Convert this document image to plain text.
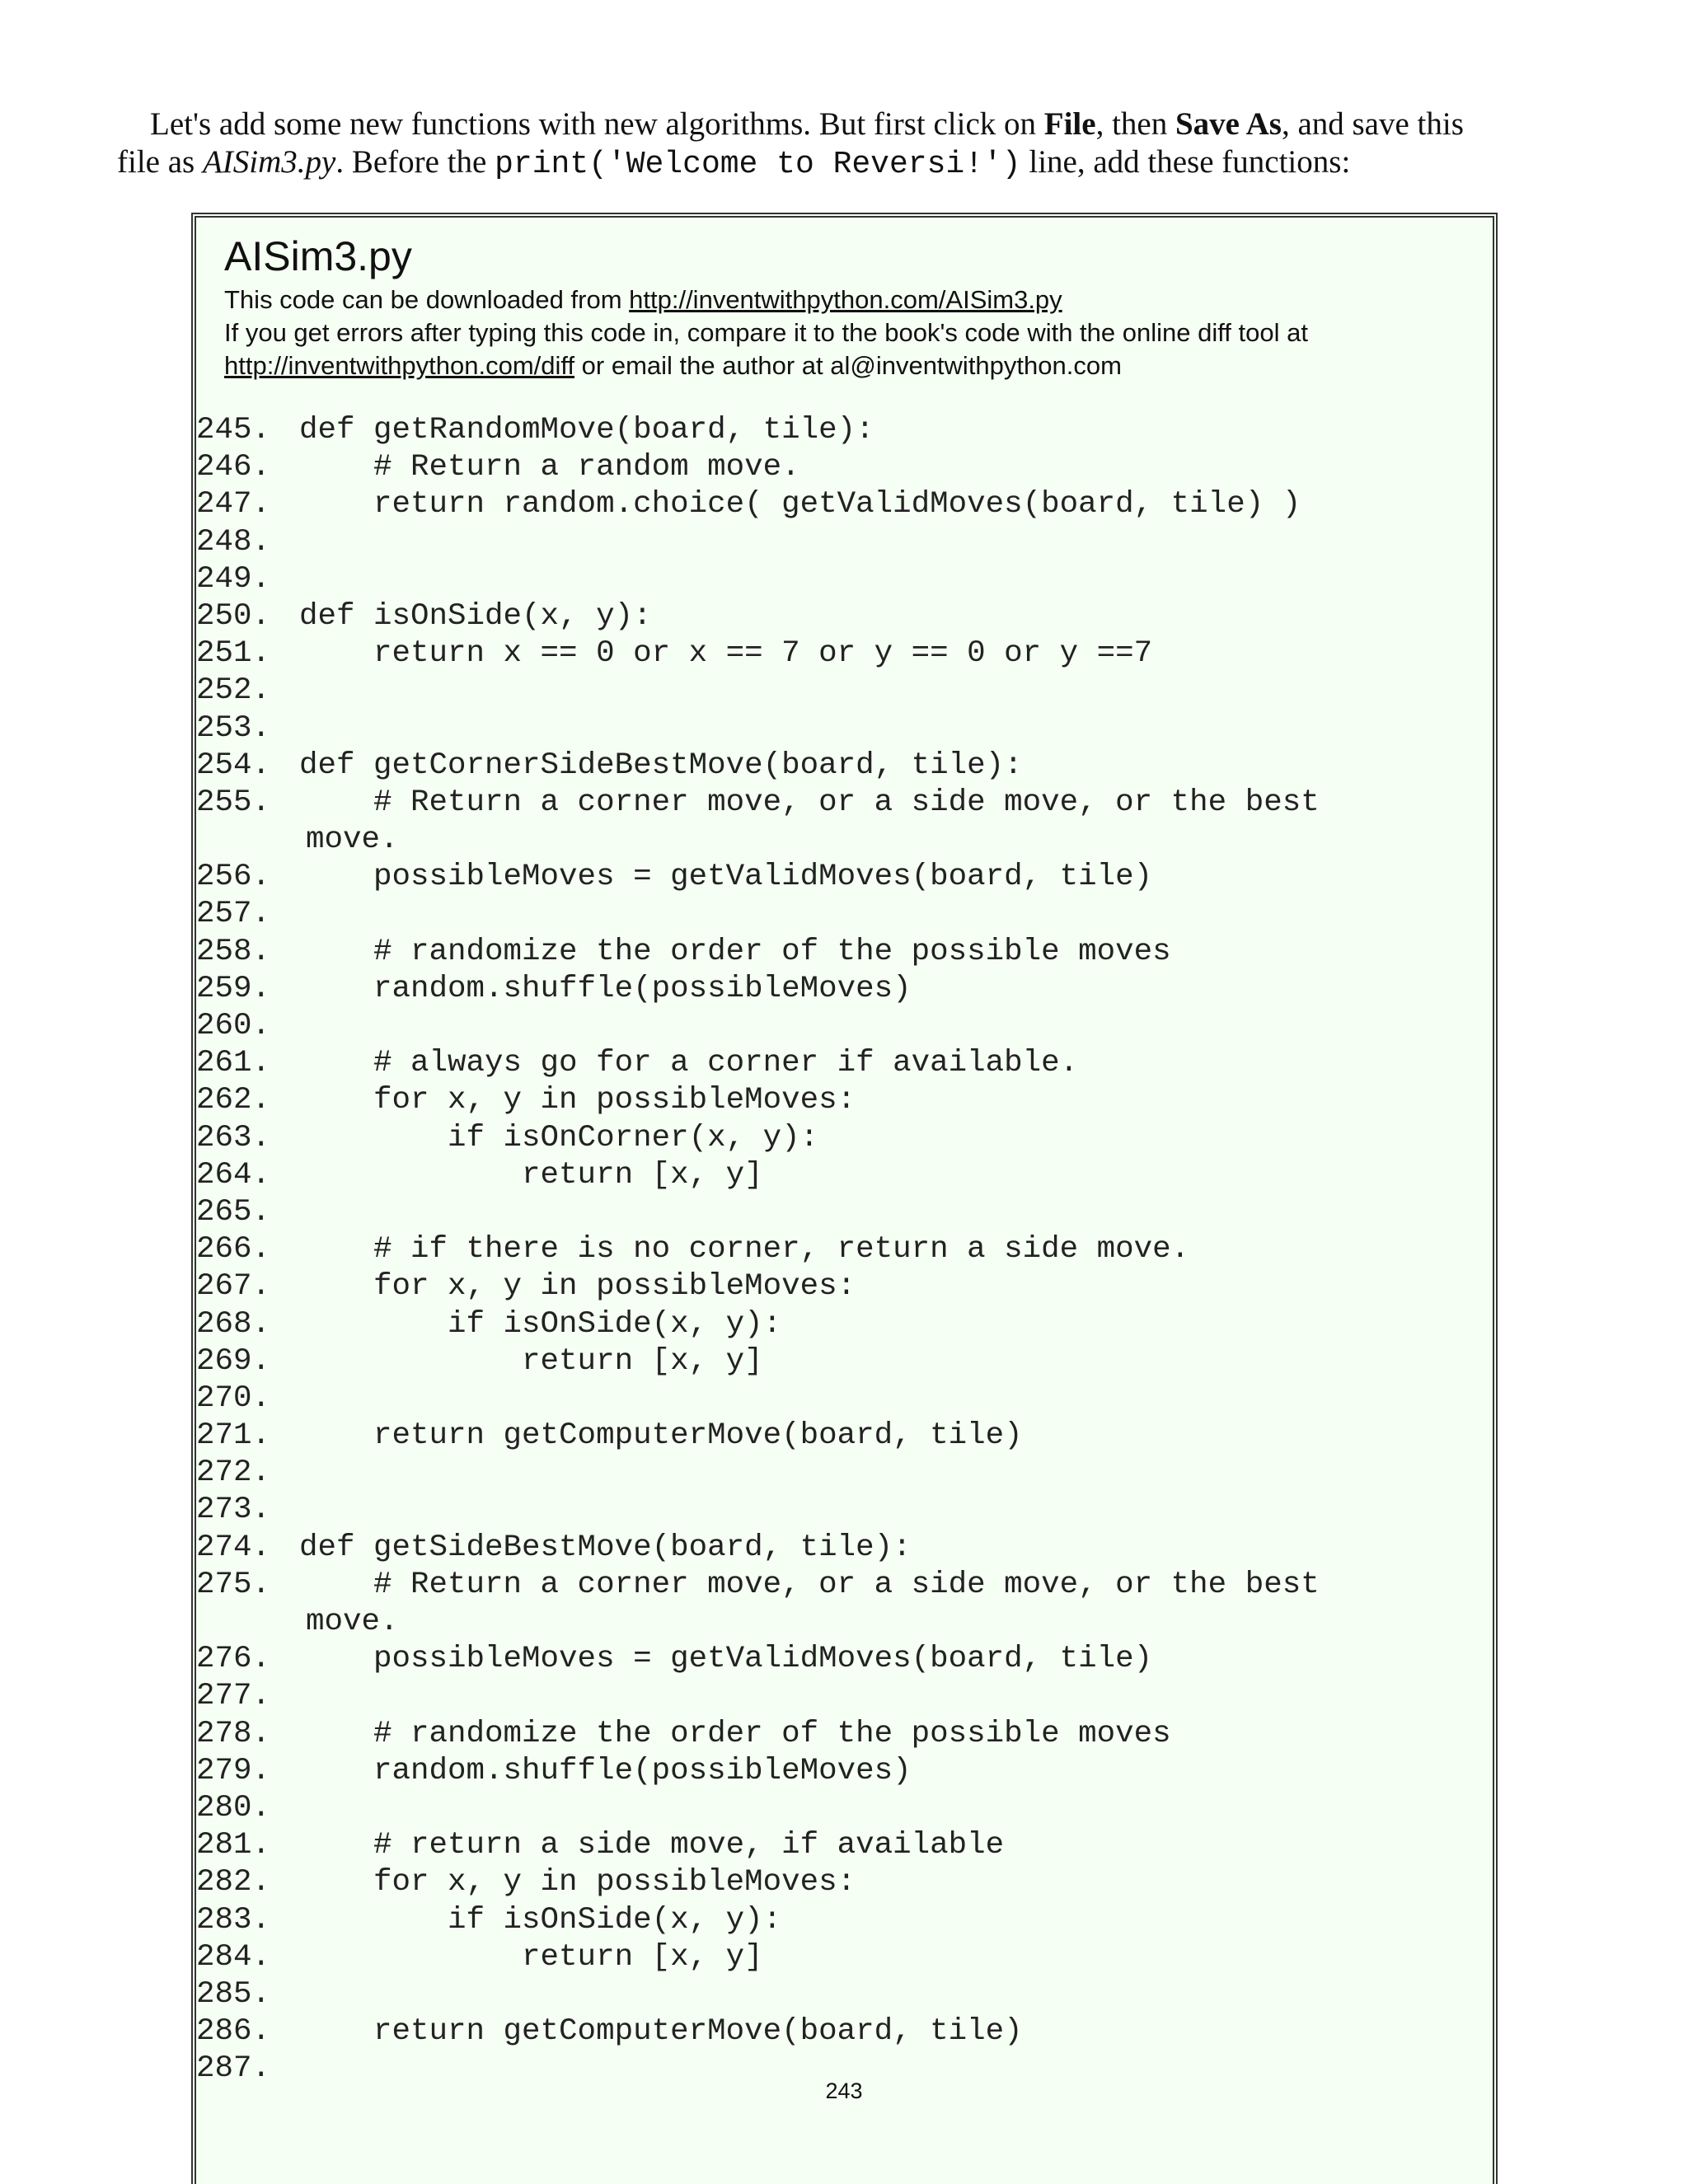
Let's add some new functions with new algorithms. But first click on File, then Save As, and save this
file as AISim3.py. Before the print('Welcome to Reversi!') line, add these functions:
AISim3.py
This code can be downloaded from http://inventwithpython.com/AISim3.py
If you get errors after typing this code in, compare it to the book's code with the online diff tool at
http://inventwithpython.com/diff or email the author at al@inventwithpython.com
245.  def getRandomMove(board, tile):
246.      # Return a random move.
247.      return random.choice( getValidMoves(board, tile) )
248.
249.
250.  def isOnSide(x, y):
251.      return x == 0 or x == 7 or y == 0 or y ==7
252.
253.
254.  def getCornerSideBestMove(board, tile):
255.      # Return a corner move, or a side move, or the best
move.
256.      possibleMoves = getValidMoves(board, tile)
257.
258.      # randomize the order of the possible moves
259.      random.shuffle(possibleMoves)
260.
261.      # always go for a corner if available.
262.      for x, y in possibleMoves:
263.          if isOnCorner(x, y):
264.              return [x, y]
265.
266.      # if there is no corner, return a side move.
267.      for x, y in possibleMoves:
268.          if isOnSide(x, y):
269.              return [x, y]
270.
271.      return getComputerMove(board, tile)
272.
273.
274.  def getSideBestMove(board, tile):
275.      # Return a corner move, or a side move, or the best
move.
276.      possibleMoves = getValidMoves(board, tile)
277.
278.      # randomize the order of the possible moves
279.      random.shuffle(possibleMoves)
280.
281.      # return a side move, if available
282.      for x, y in possibleMoves:
283.          if isOnSide(x, y):
284.              return [x, y]
285.
286.      return getComputerMove(board, tile)
287.
243
